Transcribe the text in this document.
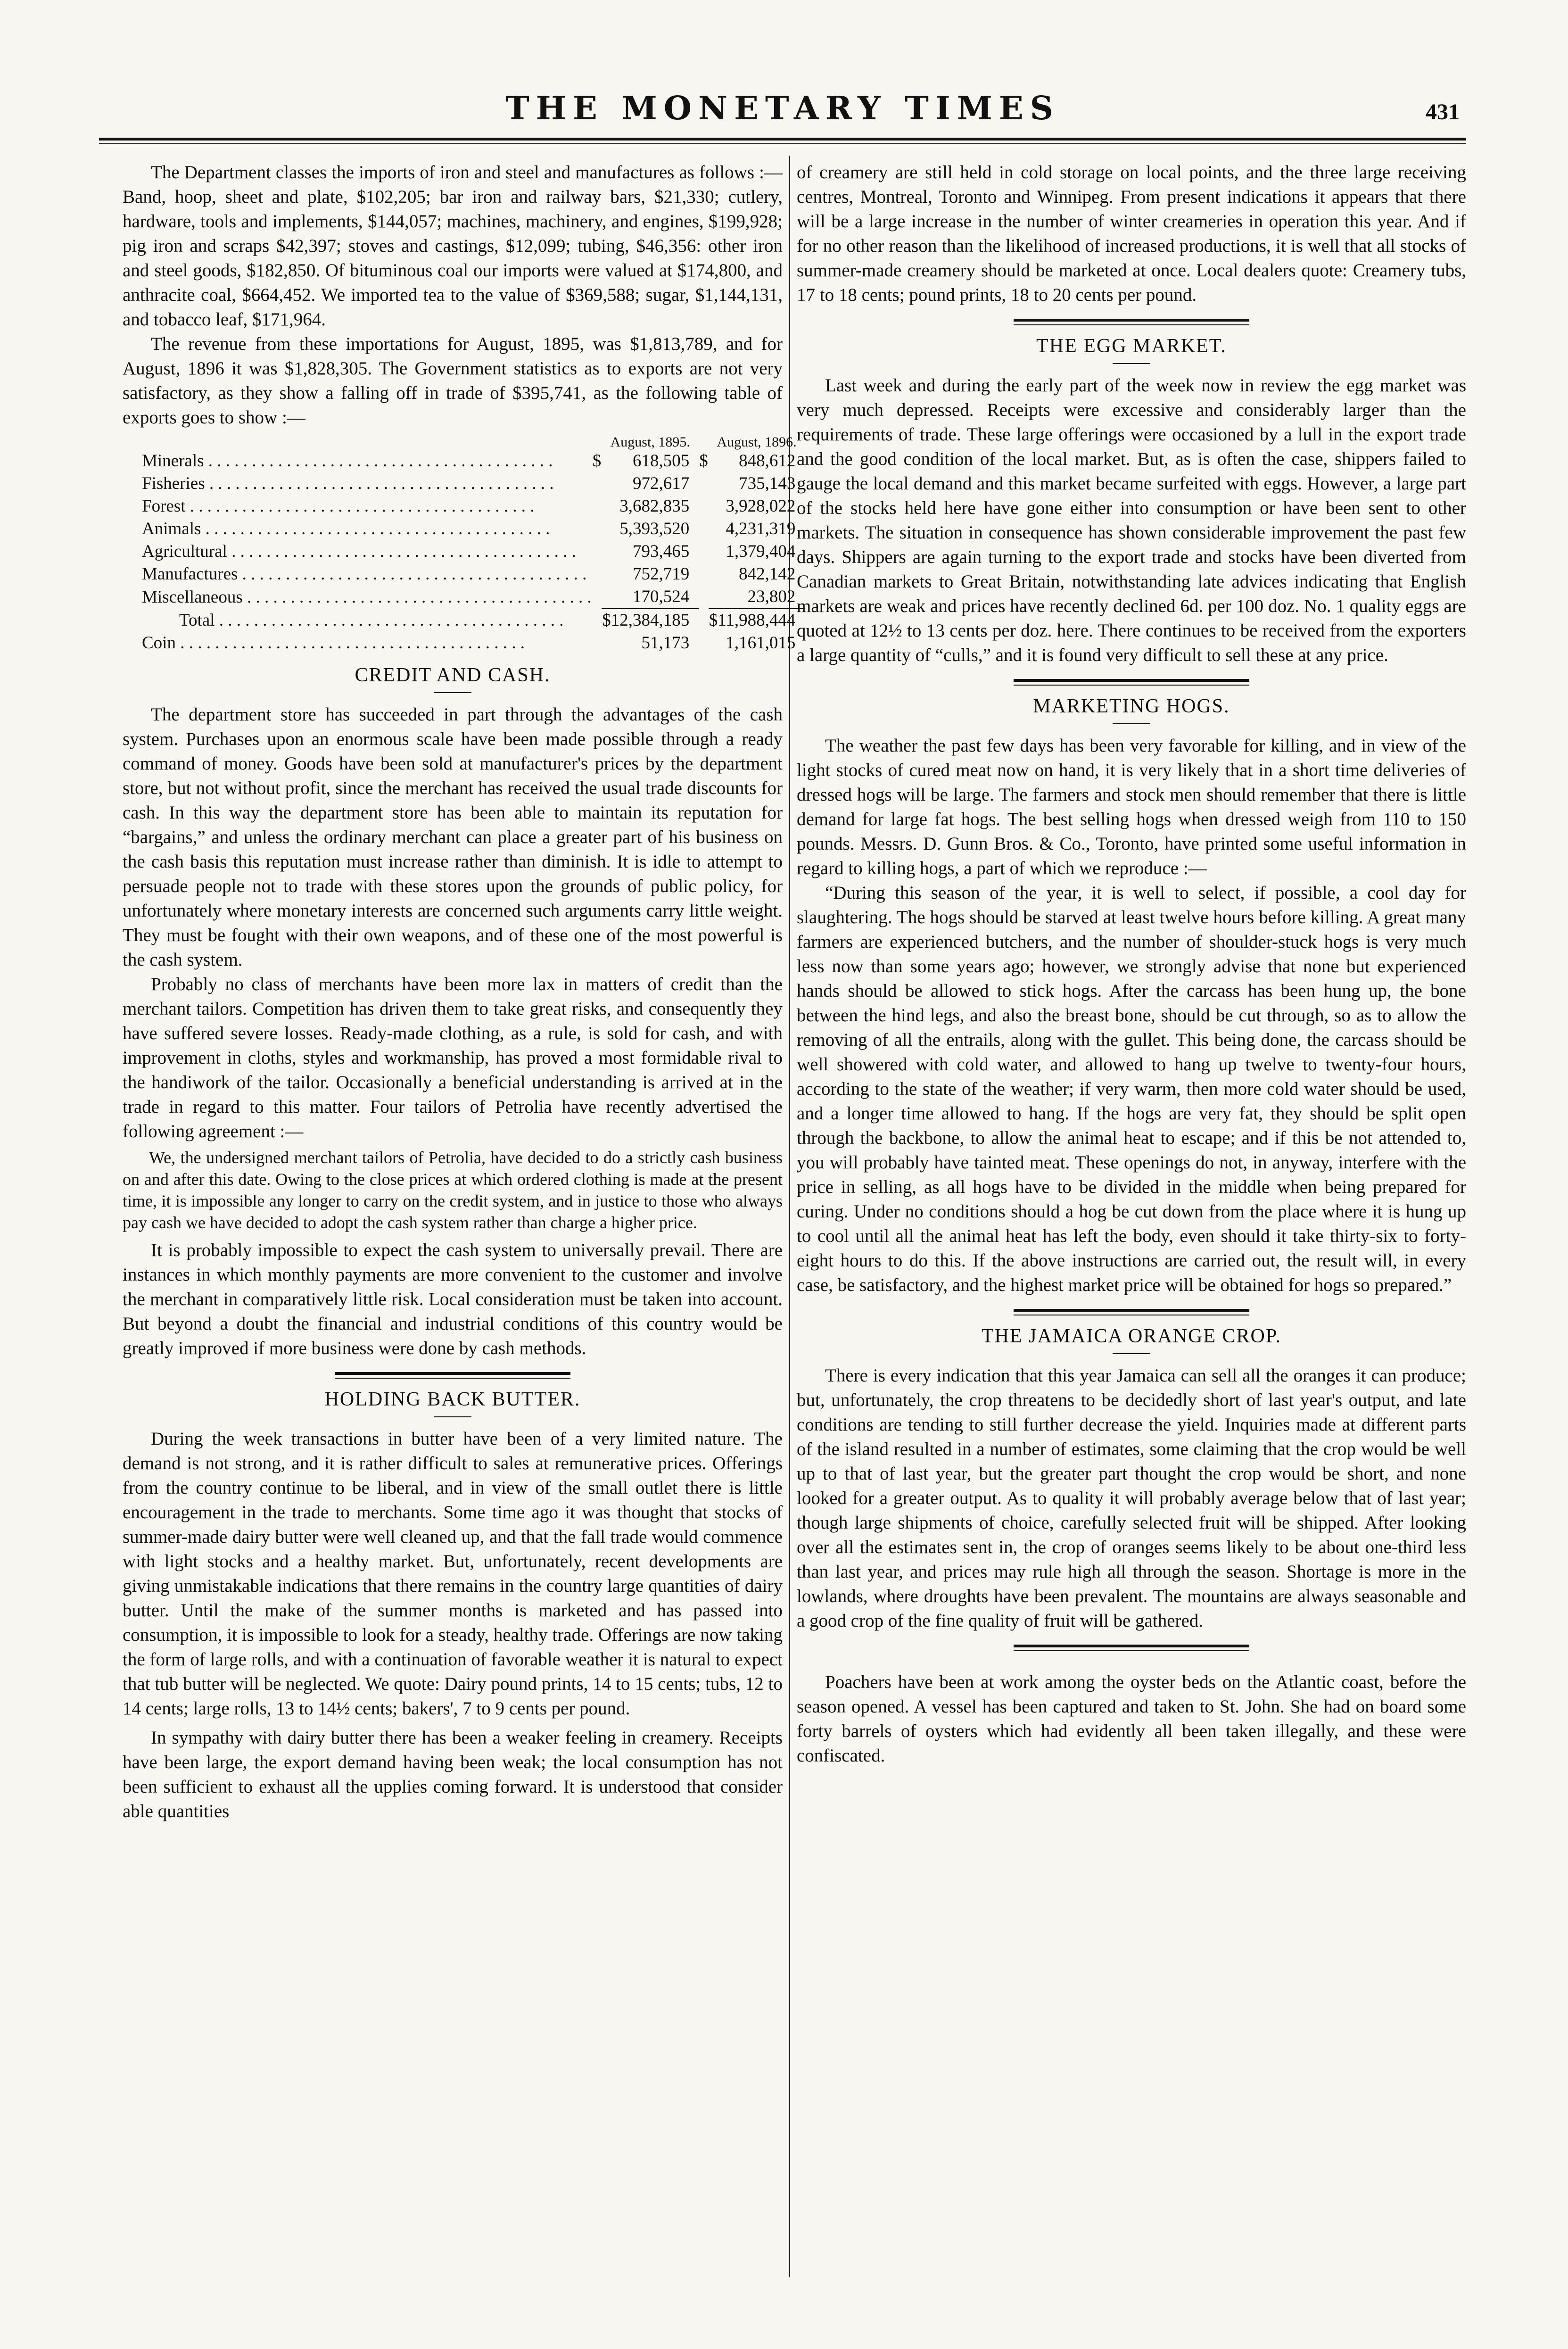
THE MONETARY TIMES	431

The Department classes the imports of iron and steel and manufactures as follows :—Band, hoop, sheet and plate, $102,205; bar iron and railway bars, $21,330; cutlery, hardware, tools and implements, $144,057; machines, machinery, and engines, $199,928; pig iron and scraps $42,397; stoves and castings, $12,099; tubing, $46,356: other iron and steel goods, $182,850. Of bituminous coal our imports were valued at $174,800, and anthracite coal, $664,452. We imported tea to the value of $369,588; sugar, $1,144,131, and tobacco leaf, $171,964.

The revenue from these importations for August, 1895, was $1,813,789, and for August, 1896 it was $1,828,305. The Government statistics as to exports are not very satisfactory, as they show a falling off in trade of $395,741, as the following table of exports goes to show :—

		August, 1895.		August, 1896.
Minerals . . .	$	618,505	$	848,612
Fisheries . . .		972,617		735,143
Forest . . .		3,682,835		3,928,022
Animals . . .		5,393,520		4,231,319
Agricultural . . .		793,465		1,379,404
Manufactures . . .		752,719		842,142
Miscellaneous . . .		170,524		23,802
Total . . .		$12,384,185		$11,988,444
Coin . . .		51,173		1,161,015
CREDIT AND CASH.

The department store has succeeded in part through the advantages of the cash system. Purchases upon an enormous scale have been made possible through a ready command of money. Goods have been sold at manufacturer's prices by the department store, but not without profit, since the merchant has received the usual trade discounts for cash. In this way the department store has been able to maintain its reputation for “bargains,” and unless the ordinary merchant can place a greater part of his business on the cash basis this reputation must increase rather than diminish. It is idle to attempt to persuade people not to trade with these stores upon the grounds of public policy, for unfortunately where monetary interests are concerned such arguments carry little weight. They must be fought with their own weapons, and of these one of the most powerful is the cash system.

Probably no class of merchants have been more lax in matters of credit than the merchant tailors. Competition has driven them to take great risks, and consequently they have suffered severe losses. Ready-made clothing, as a rule, is sold for cash, and with improvement in cloths, styles and workmanship, has proved a most formidable rival to the handiwork of the tailor. Occasionally a beneficial understanding is arrived at in the trade in regard to this matter. Four tailors of Petrolia have recently advertised the following agreement :—

We, the undersigned merchant tailors of Petrolia, have decided to do a strictly cash business on and after this date. Owing to the close prices at which ordered clothing is made at the present time, it is impossible any longer to carry on the credit system, and in justice to those who always pay cash we have decided to adopt the cash system rather than charge a higher price.

It is probably impossible to expect the cash system to universally prevail. There are instances in which monthly payments are more convenient to the customer and involve the merchant in comparatively little risk. Local consideration must be taken into account. But beyond a doubt the financial and industrial conditions of this country would be greatly improved if more business were done by cash methods.

HOLDING BACK BUTTER.

During the week transactions in butter have been of a very limited nature. The demand is not strong, and it is rather difficult to sales at remunerative prices. Offerings from the country continue to be liberal, and in view of the small outlet there is little encouragement in the trade to merchants. Some time ago it was thought that stocks of summer-made dairy butter were well cleaned up, and that the fall trade would commence with light stocks and a healthy market. But, unfortunately, recent developments are giving unmistakable indications that there remains in the country large quantities of dairy butter. Until the make of the summer months is marketed and has passed into consumption, it is impossible to look for a steady, healthy trade. Offerings are now taking the form of large rolls, and with a continuation of favorable weather it is natural to expect that tub butter will be neglected. We quote: Dairy pound prints, 14 to 15 cents; tubs, 12 to 14 cents; large rolls, 13 to 14½ cents; bakers', 7 to 9 cents per pound.

In sympathy with dairy butter there has been a weaker feeling in creamery. Receipts have been large, the export demand having been weak; the local consumption has not been sufficient to exhaust all the upplies coming forward. It is understood that consider able quantities

of creamery are still held in cold storage on local points, and the three large receiving centres, Montreal, Toronto and Winnipeg. From present indications it appears that there will be a large increase in the number of winter creameries in operation this year. And if for no other reason than the likelihood of increased productions, it is well that all stocks of summer-made creamery should be marketed at once. Local dealers quote: Creamery tubs, 17 to 18 cents; pound prints, 18 to 20 cents per pound.

THE EGG MARKET.

Last week and during the early part of the week now in review the egg market was very much depressed. Receipts were excessive and considerably larger than the requirements of trade. These large offerings were occasioned by a lull in the export trade and the good condition of the local market. But, as is often the case, shippers failed to gauge the local demand and this market became surfeited with eggs. However, a large part of the stocks held here have gone either into consumption or have been sent to other markets. The situation in consequence has shown considerable improvement the past few days. Shippers are again turning to the export trade and stocks have been diverted from Canadian markets to Great Britain, notwithstanding late advices indicating that English markets are weak and prices have recently declined 6d. per 100 doz. No. 1 quality eggs are quoted at 12½ to 13 cents per doz. here. There continues to be received from the exporters a large quantity of “culls,” and it is found very difficult to sell these at any price.

MARKETING HOGS.

The weather the past few days has been very favorable for killing, and in view of the light stocks of cured meat now on hand, it is very likely that in a short time deliveries of dressed hogs will be large. The farmers and stock men should remember that there is little demand for large fat hogs. The best selling hogs when dressed weigh from 110 to 150 pounds. Messrs. D. Gunn Bros. & Co., Toronto, have printed some useful information in regard to killing hogs, a part of which we reproduce :—

“During this season of the year, it is well to select, if possible, a cool day for slaughtering. The hogs should be starved at least twelve hours before killing. A great many farmers are experienced butchers, and the number of shoulder-stuck hogs is very much less now than some years ago; however, we strongly advise that none but experienced hands should be allowed to stick hogs. After the carcass has been hung up, the bone between the hind legs, and also the breast bone, should be cut through, so as to allow the removing of all the entrails, along with the gullet. This being done, the carcass should be well showered with cold water, and allowed to hang up twelve to twenty-four hours, according to the state of the weather; if very warm, then more cold water should be used, and a longer time allowed to hang. If the hogs are very fat, they should be split open through the backbone, to allow the animal heat to escape; and if this be not attended to, you will probably have tainted meat. These openings do not, in anyway, interfere with the price in selling, as all hogs have to be divided in the middle when being prepared for curing. Under no conditions should a hog be cut down from the place where it is hung up to cool until all the animal heat has left the body, even should it take thirty-six to forty-eight hours to do this. If the above instructions are carried out, the result will, in every case, be satisfactory, and the highest market price will be obtained for hogs so prepared.”

THE JAMAICA ORANGE CROP.

There is every indication that this year Jamaica can sell all the oranges it can produce; but, unfortunately, the crop threatens to be decidedly short of last year's output, and late conditions are tending to still further decrease the yield. Inquiries made at different parts of the island resulted in a number of estimates, some claiming that the crop would be well up to that of last year, but the greater part thought the crop would be short, and none looked for a greater output. As to quality it will probably average below that of last year; though large shipments of choice, carefully selected fruit will be shipped. After looking over all the estimates sent in, the crop of oranges seems likely to be about one-third less than last year, and prices may rule high all through the season. Shortage is more in the lowlands, where droughts have been prevalent. The mountains are always seasonable and a good crop of the fine quality of fruit will be gathered.

Poachers have been at work among the oyster beds on the Atlantic coast, before the season opened. A vessel has been captured and taken to St. John. She had on board some forty barrels of oysters which had evidently all been taken illegally, and these were confiscated.
